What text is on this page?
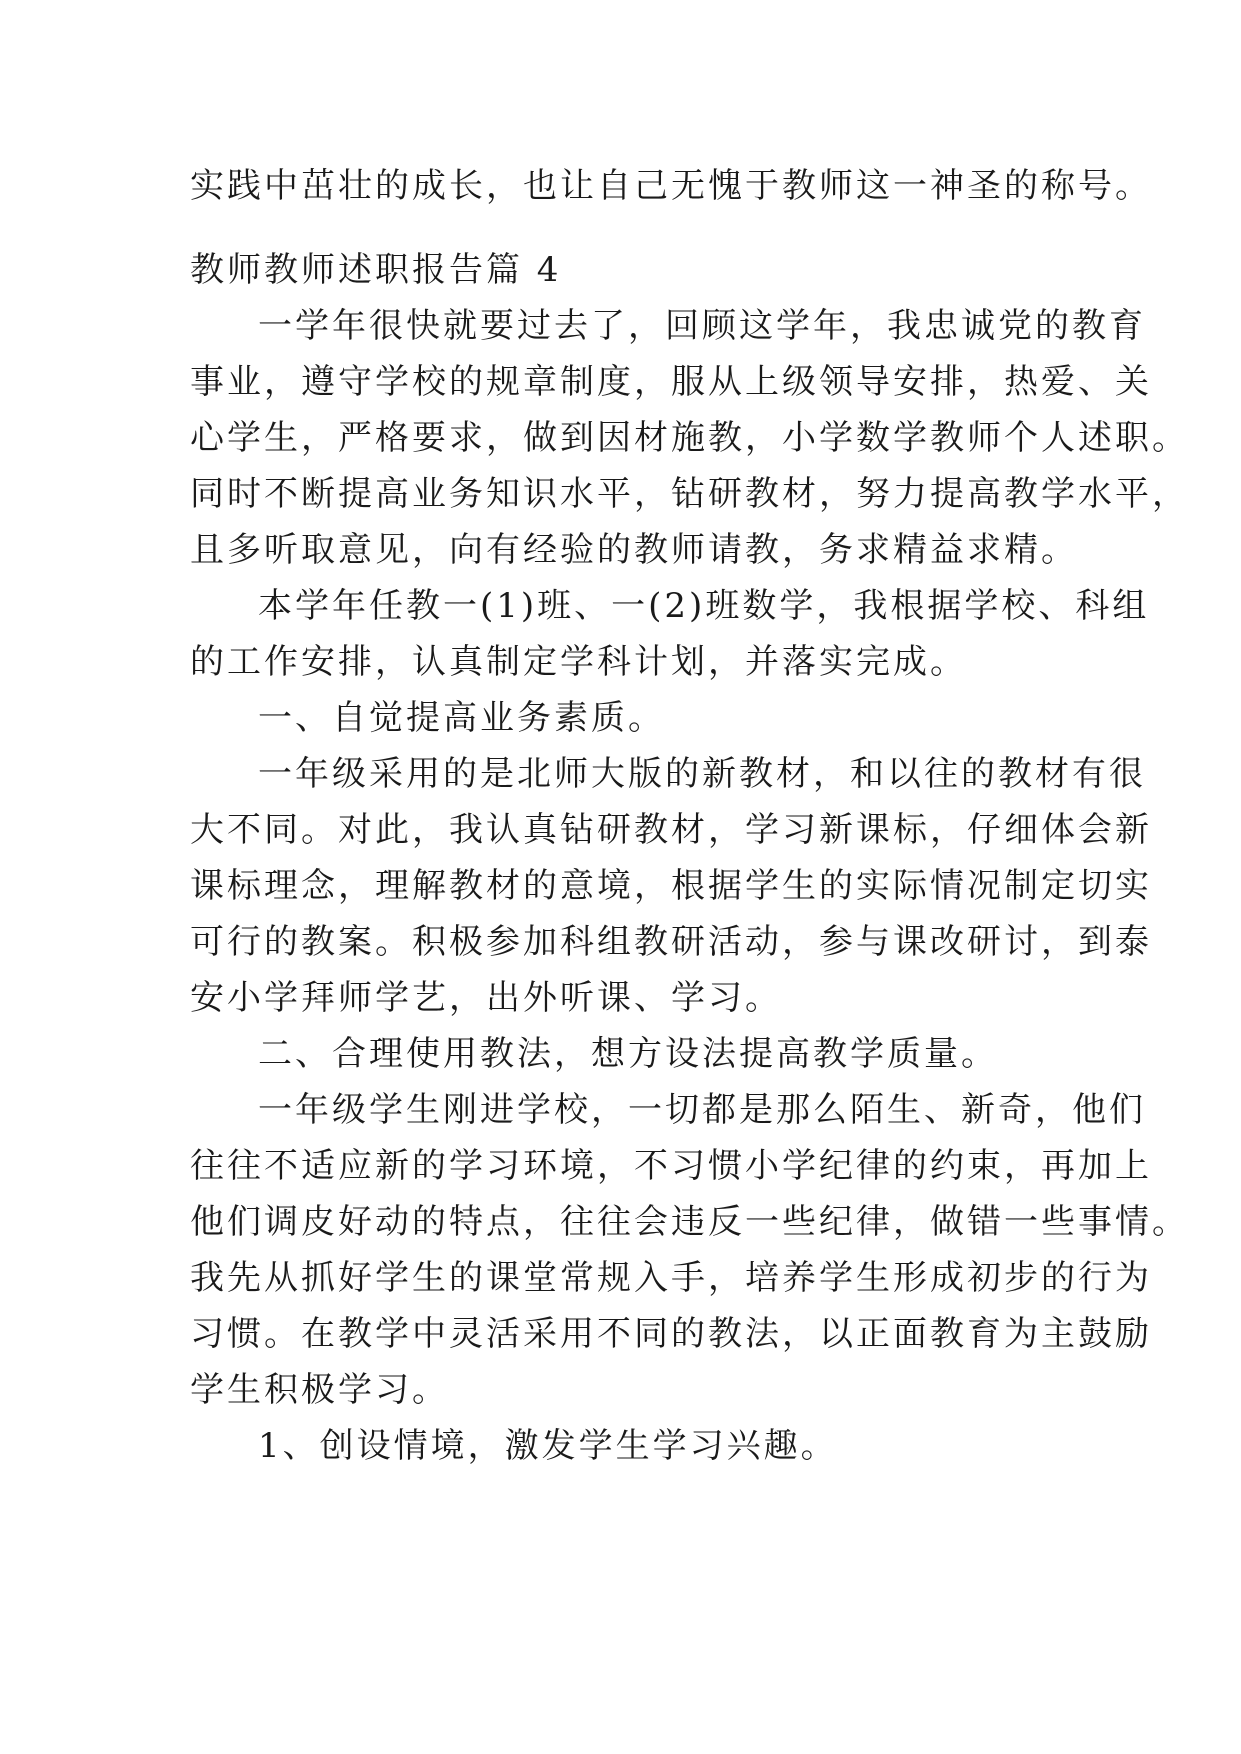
实践中茁壮的成长，也让自己无愧于教师这一神圣的称号。
教师教师述职报告篇 4
一学年很快就要过去了，回顾这学年，我忠诚党的教育
事业，遵守学校的规章制度，服从上级领导安排，热爱、关
心学生，严格要求，做到因材施教，小学数学教师个人述职。
同时不断提高业务知识水平，钻研教材，努力提高教学水平，
且多听取意见，向有经验的教师请教，务求精益求精。
本学年任教一(1)班、一(2)班数学，我根据学校、科组
的工作安排，认真制定学科计划，并落实完成。
一、自觉提高业务素质。
一年级采用的是北师大版的新教材，和以往的教材有很
大不同。对此，我认真钻研教材，学习新课标，仔细体会新
课标理念，理解教材的意境，根据学生的实际情况制定切实
可行的教案。积极参加科组教研活动，参与课改研讨，到泰
安小学拜师学艺，出外听课、学习。
二、合理使用教法，想方设法提高教学质量。
一年级学生刚进学校，一切都是那么陌生、新奇，他们
往往不适应新的学习环境，不习惯小学纪律的约束，再加上
他们调皮好动的特点，往往会违反一些纪律，做错一些事情。
我先从抓好学生的课堂常规入手，培养学生形成初步的行为
习惯。在教学中灵活采用不同的教法，以正面教育为主鼓励
学生积极学习。
1、创设情境，激发学生学习兴趣。
